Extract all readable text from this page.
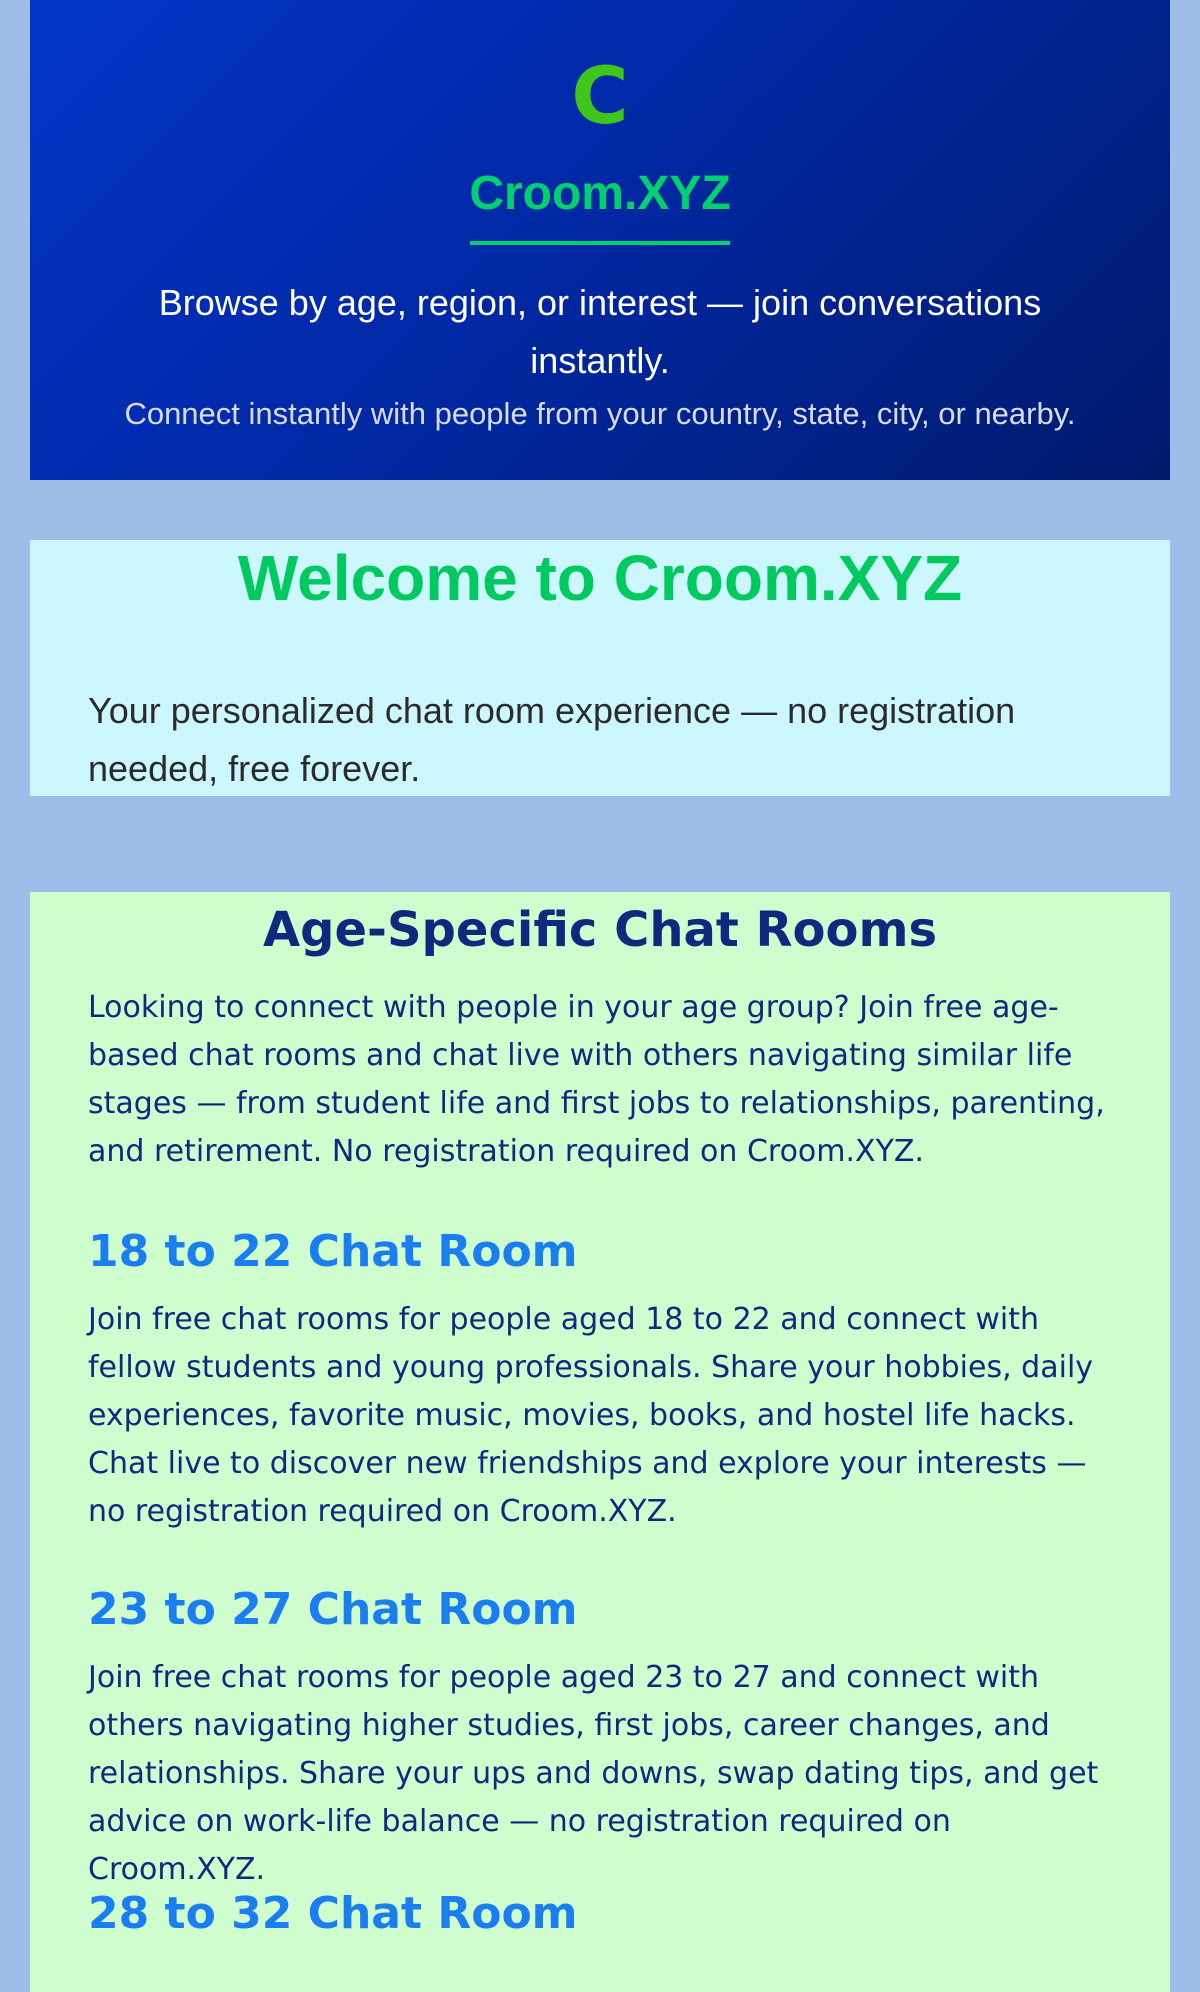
C
Croom.XYZ
Browse by age, region, or interest — join conversations instantly.
Connect instantly with people from your country, state, city, or nearby.
Welcome to Croom.XYZ

Your personalized chat room experience — no registration needed, free forever.

Age-Specific Chat Rooms

Looking to connect with people in your age group? Join free age-based chat rooms and chat live with others navigating similar life stages — from student life and first jobs to relationships, parenting, and retirement. No registration required on Croom.XYZ.

18 to 22 Chat Room

Join free chat rooms for people aged 18 to 22 and connect with fellow students and young professionals. Share your hobbies, daily experiences, favorite music, movies, books, and hostel life hacks. Chat live to discover new friendships and explore your interests — no registration required on Croom.XYZ.

23 to 27 Chat Room

Join free chat rooms for people aged 23 to 27 and connect with others navigating higher studies, first jobs, career changes, and relationships. Share your ups and downs, swap dating tips, and get advice on work-life balance — no registration required on Croom.XYZ.

28 to 32 Chat Room
